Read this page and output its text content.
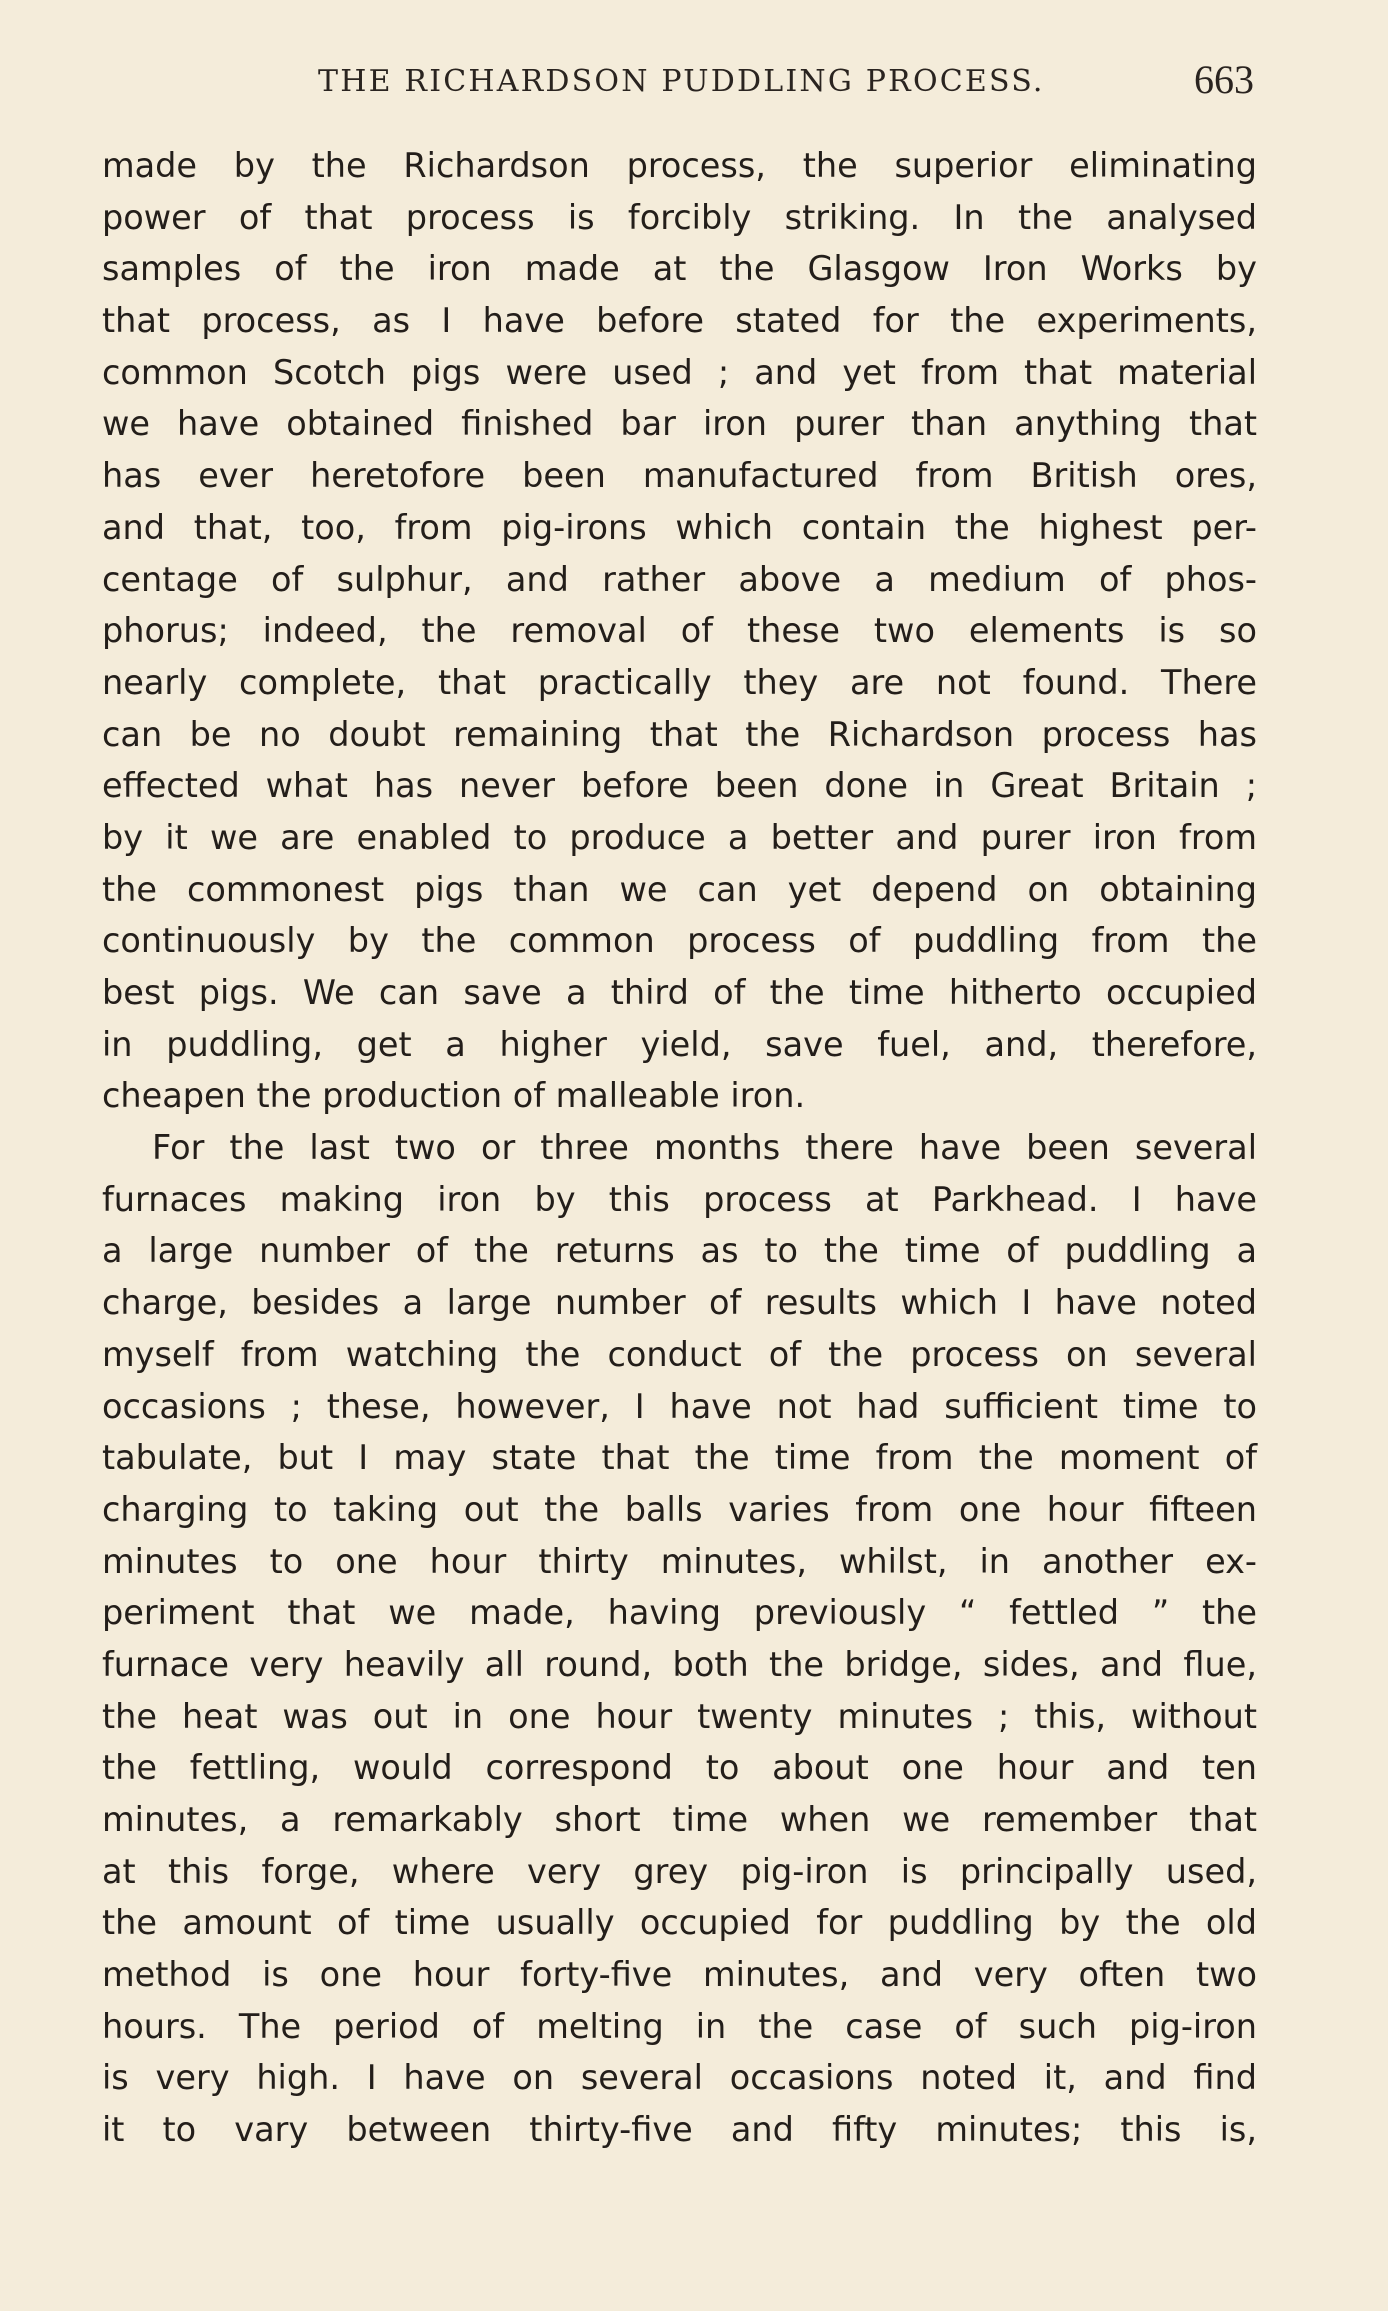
THE RICHARDSON PUDDLING PROCESS.	663
made by the Richardson process, the superior eliminating
power of that process is forcibly striking. In the analysed
samples of the iron made at the Glasgow Iron Works by
that process, as I have before stated for the experiments,
common Scotch pigs were used ; and yet from that material
we have obtained finished bar iron purer than anything that
has ever heretofore been manufactured from British ores,
and that, too, from pig-irons which contain the highest per-
centage of sulphur, and rather above a medium of phos-
phorus; indeed, the removal of these two elements is so
nearly complete, that practically they are not found. There
can be no doubt remaining that the Richardson process has
effected what has never before been done in Great Britain ;
by it we are enabled to produce a better and purer iron from
the commonest pigs than we can yet depend on obtaining
continuously by the common process of puddling from the
best pigs. We can save a third of the time hitherto occupied
in puddling, get a higher yield, save fuel, and, therefore,
cheapen the production of malleable iron.
For the last two or three months there have been several
furnaces making iron by this process at Parkhead. I have
a large number of the returns as to the time of puddling a
charge, besides a large number of results which I have noted
myself from watching the conduct of the process on several
occasions ; these, however, I have not had sufficient time to
tabulate, but I may state that the time from the moment of
charging to taking out the balls varies from one hour fifteen
minutes to one hour thirty minutes, whilst, in another ex-
periment that we made, having previously “ fettled ” the
furnace very heavily all round, both the bridge, sides, and flue,
the heat was out in one hour twenty minutes ; this, without
the fettling, would correspond to about one hour and ten
minutes, a remarkably short time when we remember that
at this forge, where very grey pig-iron is principally used,
the amount of time usually occupied for puddling by the old
method is one hour forty-five minutes, and very often two
hours. The period of melting in the case of such pig-iron
is very high. I have on several occasions noted it, and find
it to vary between thirty-five and fifty minutes; this is,
